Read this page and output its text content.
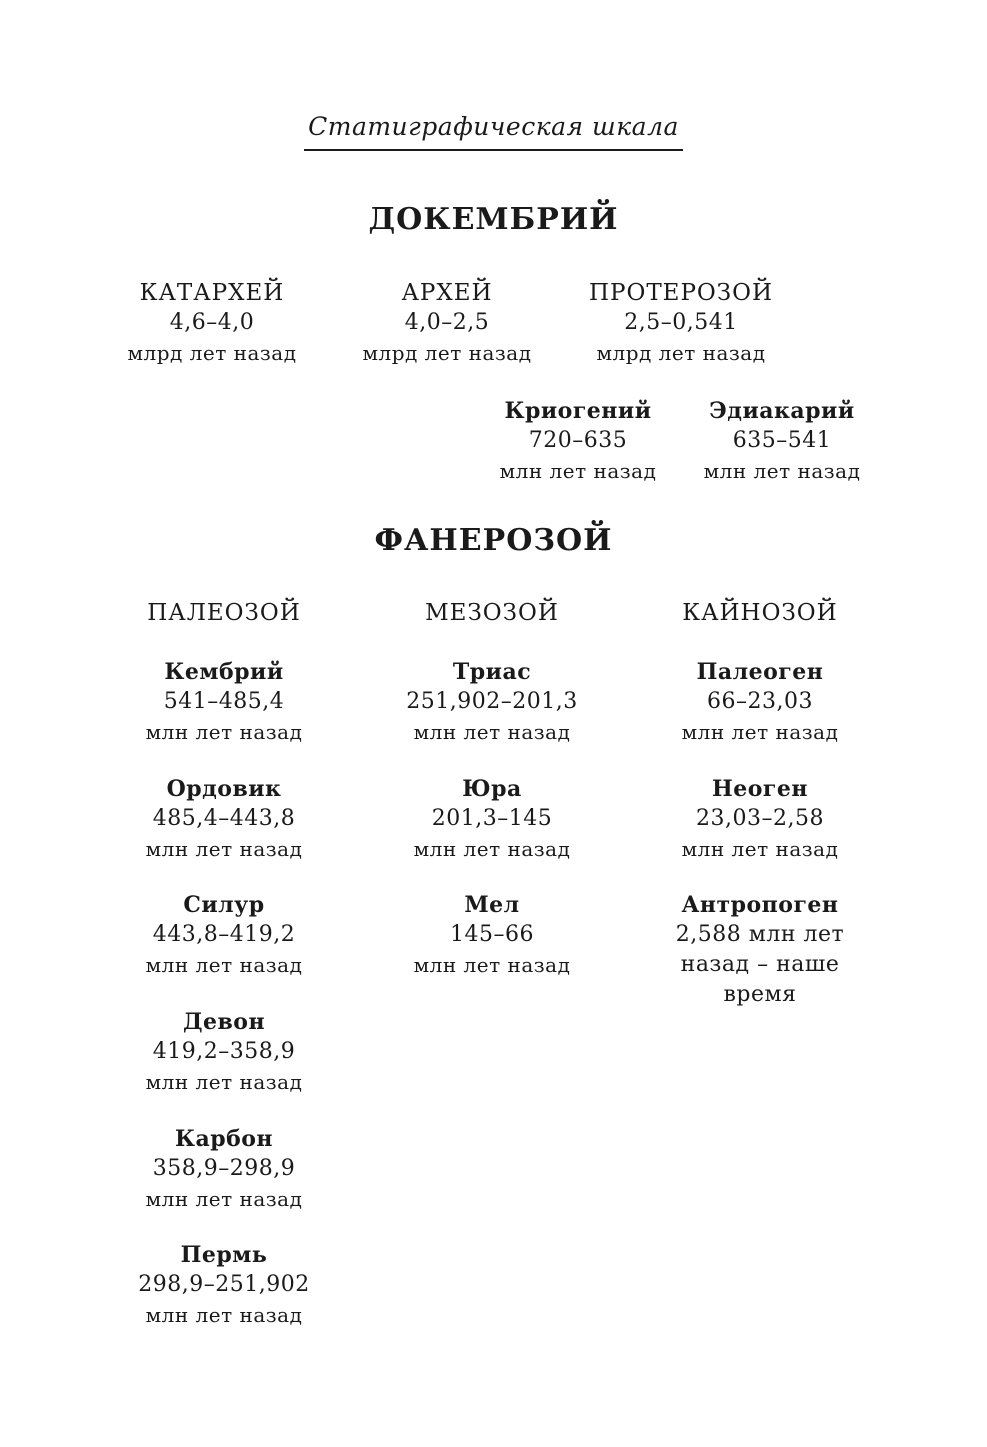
Статиграфическая шкала
ДОКЕМБРИЙ
КАТАРХЕЙ
4,6–4,0
млрд лет назад
АРХЕЙ
4,0–2,5
млрд лет назад
ПРОТЕРОЗОЙ
2,5–0,541
млрд лет назад
Криогений
720–635
млн лет назад
Эдиакарий
635–541
млн лет назад
ФАНЕРОЗОЙ
ПАЛЕОЗОЙ	МЕЗОЗОЙ	КАЙНОЗОЙ
Кембрий
541–485,4
млн лет назад
Ордовик
485,4–443,8
млн лет назад
Силур
443,8–419,2
млн лет назад
Девон
419,2–358,9
млн лет назад
Карбон
358,9–298,9
млн лет назад
Пермь
298,9–251,902
млн лет назад
Триас
251,902–201,3
млн лет назад
Юра
201,3–145
млн лет назад
Мел
145–66
млн лет назад
Палеоген
66–23,03
млн лет назад
Неоген
23,03–2,58
млн лет назад
Антропоген
2,588 млн лет
назад – наше
время
